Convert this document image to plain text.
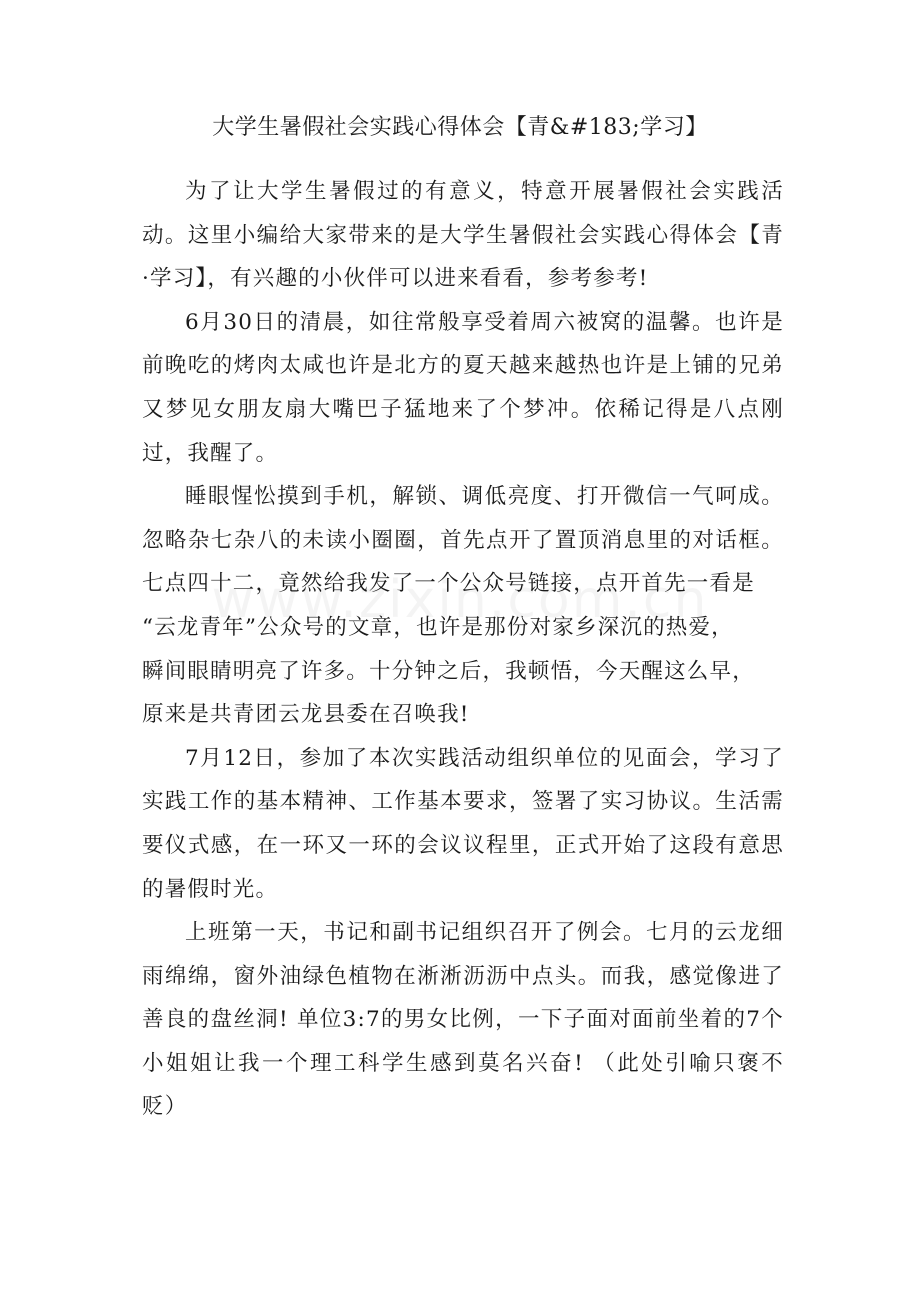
大学生暑假社会实践心得体会【青&#183;学习】

为了让大学生暑假过的有意义，特意开展暑假社会实践活动。这里小编给大家带来的是大学生暑假社会实践心得体会【青·学习】，有兴趣的小伙伴可以进来看看，参考参考!

6月30日的清晨，如往常般享受着周六被窝的温馨。也许是前晚吃的烤肉太咸也许是北方的夏天越来越热也许是上铺的兄弟又梦见女朋友扇大嘴巴子猛地来了个梦冲。依稀记得是八点刚过，我醒了。

睡眼惺忪摸到手机，解锁、调低亮度、打开微信一气呵成。忽略杂七杂八的未读小圈圈，首先点开了置顶消息里的对话框。七点四十二，竟然给我发了一个公众号链接，点开首先一看是
“云龙青年”公众号的文章，也许是那份对家乡深沉的热爱，
瞬间眼睛明亮了许多。十分钟之后，我顿悟，今天醒这么早，
原来是共青团云龙县委在召唤我!

7月12日，参加了本次实践活动组织单位的见面会，学习了实践工作的基本精神、工作基本要求，签署了实习协议。生活需要仪式感，在一环又一环的会议议程里，正式开始了这段有意思的暑假时光。

上班第一天，书记和副书记组织召开了例会。七月的云龙细雨绵绵，窗外油绿色植物在淅淅沥沥中点头。而我，感觉像进了善良的盘丝洞! 单位3:7的男女比例，一下子面对面前坐着的7个小姐姐让我一个理工科学生感到莫名兴奋! （此处引喻只褒不贬）
